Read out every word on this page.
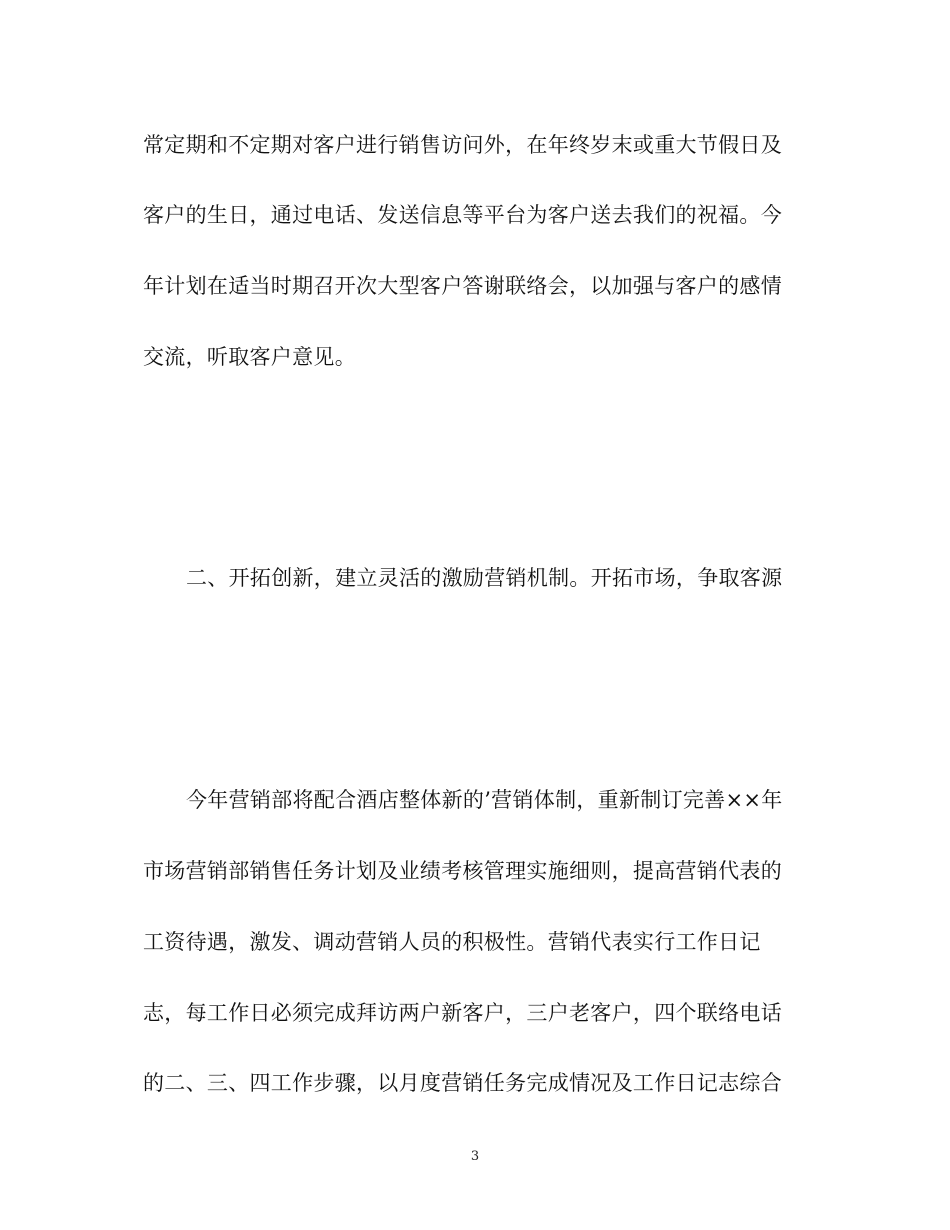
常定期和不定期对客户进行销售访问外，在年终岁末或重大节假日及
客户的生日，通过电话、发送信息等平台为客户送去我们的祝福。今
年计划在适当时期召开次大型客户答谢联络会，以加强与客户的感情
交流，听取客户意见。
二、开拓创新，建立灵活的激励营销机制。开拓市场，争取客源
今年营销部将配合酒店整体新的’营销体制，重新制订完善××年
市场营销部销售任务计划及业绩考核管理实施细则，提高营销代表的
工资待遇，激发、调动营销人员的积极性。营销代表实行工作日记
志，每工作日必须完成拜访两户新客户，三户老客户，四个联络电话
的二、三、四工作步骤，以月度营销任务完成情况及工作日记志综合
3
